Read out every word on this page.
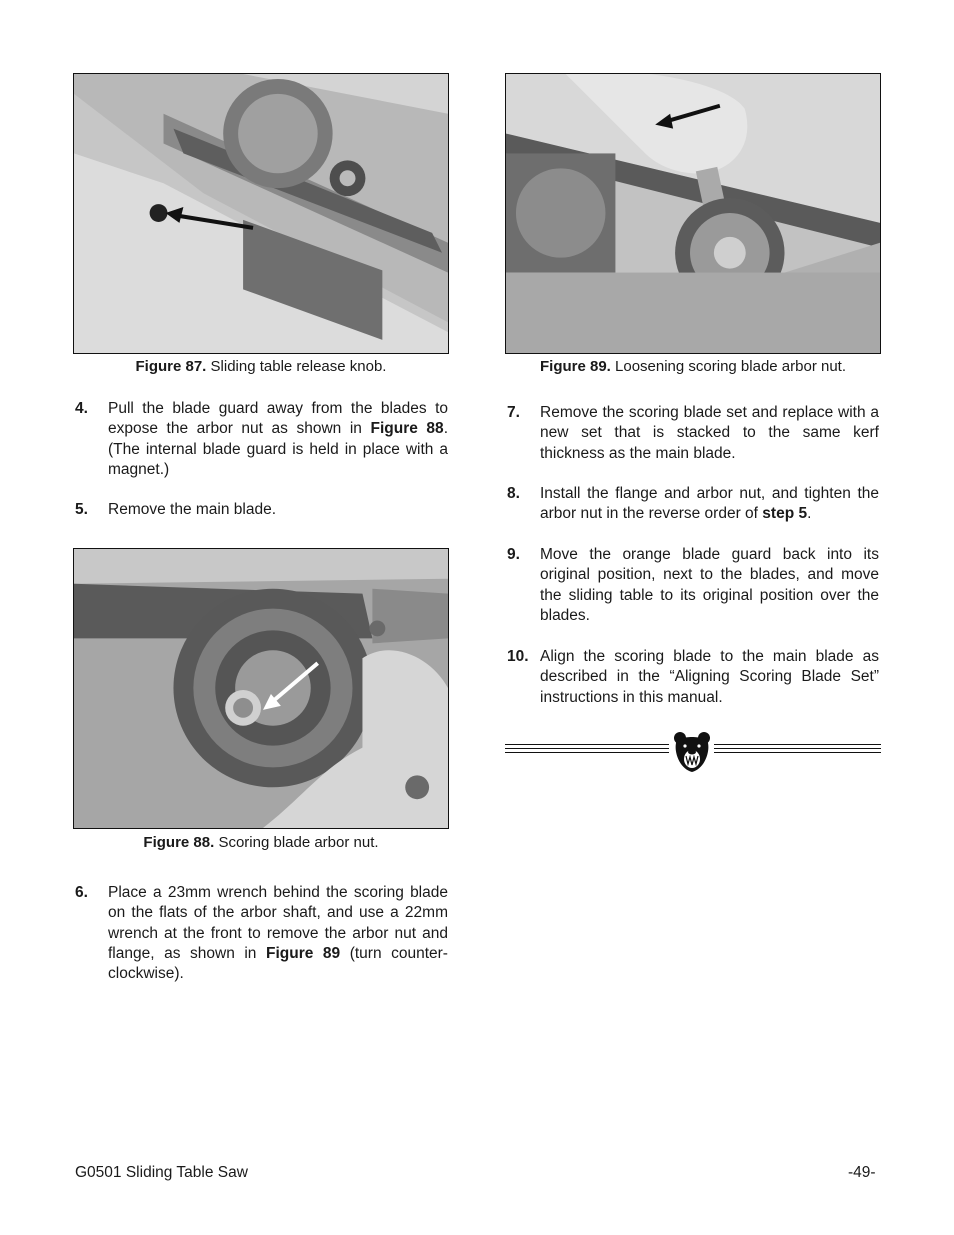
Figure 87. Sliding table release knob.	Figure 89. Loosening scoring blade arbor nut.
4. Pull the blade guard away from the blades to expose the arbor nut as shown in Figure 88. (The internal blade guard is held in place with a magnet.)
5. Remove the main blade.
Figure 88. Scoring blade arbor nut.
6. Place a 23mm wrench behind the scoring blade on the flats of the arbor shaft, and use a 22mm wrench at the front to remove the arbor nut and flange, as shown in Figure 89 (turn counter-clockwise).
7. Remove the scoring blade set and replace with a new set that is stacked to the same kerf thickness as the main blade.
8. Install the flange and arbor nut, and tighten the arbor nut in the reverse order of step 5.
9. Move the orange blade guard back into its original position, next to the blades, and move the sliding table to its original position over the blades.
10. Align the scoring blade to the main blade as described in the “Aligning Scoring Blade Set” instructions in this manual.
G0501 Sliding Table Saw	-49-
